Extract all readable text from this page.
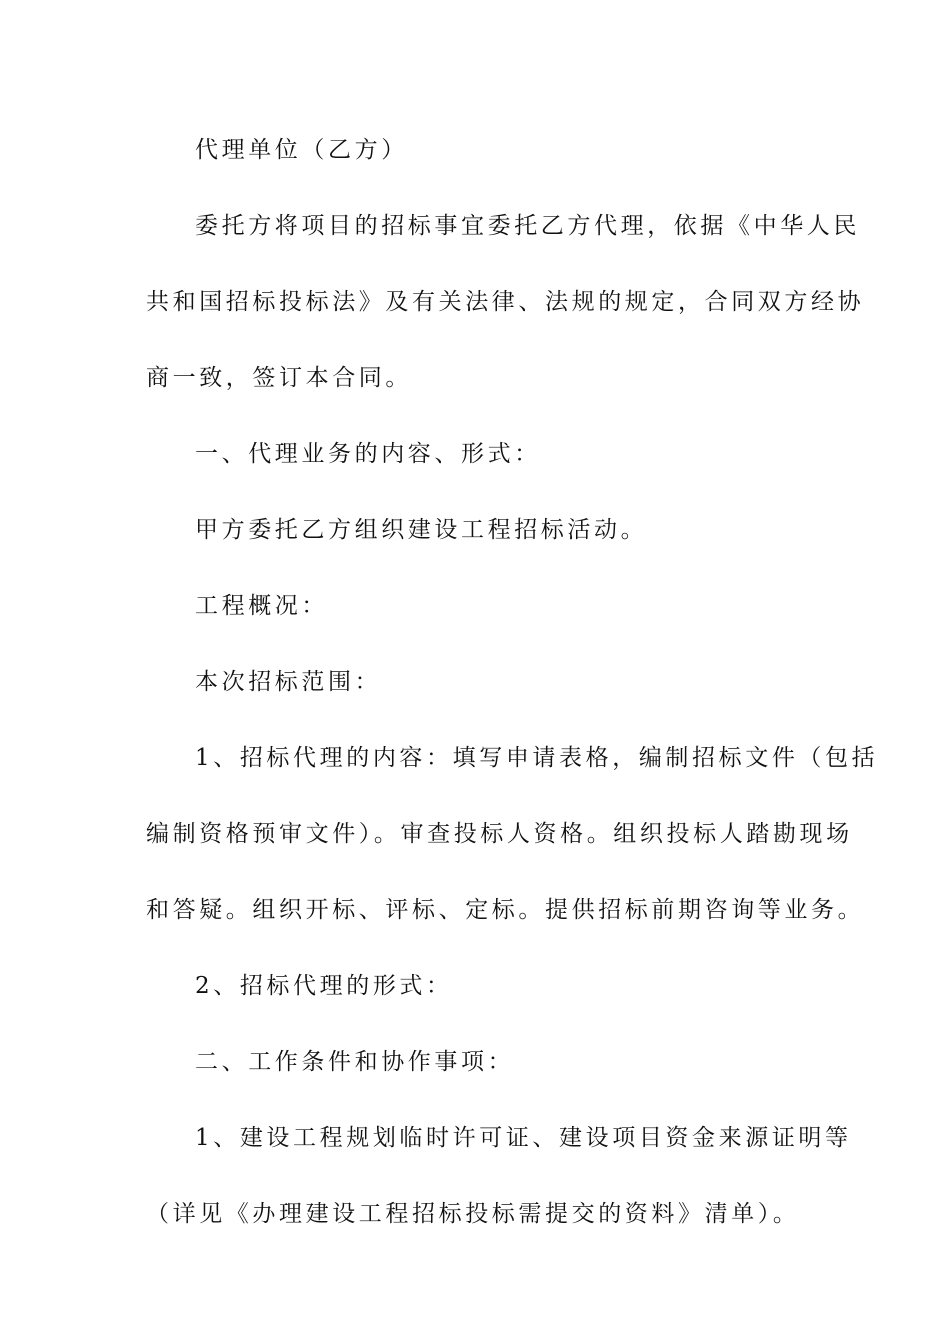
代理单位（乙方）

委托方将项目的招标事宜委托乙方代理，依据《中华人民

共和国招标投标法》及有关法律、法规的规定，合同双方经协

商一致，签订本合同。

一、代理业务的内容、形式：

甲方委托乙方组织建设工程招标活动。

工程概况：

本次招标范围：

1、招标代理的内容：填写申请表格，编制招标文件（包括

编制资格预审文件）。审查投标人资格。组织投标人踏勘现场

和答疑。组织开标、评标、定标。提供招标前期咨询等业务。

2、招标代理的形式：

二、工作条件和协作事项：

1、建设工程规划临时许可证、建设项目资金来源证明等

（详见《办理建设工程招标投标需提交的资料》清单）。
